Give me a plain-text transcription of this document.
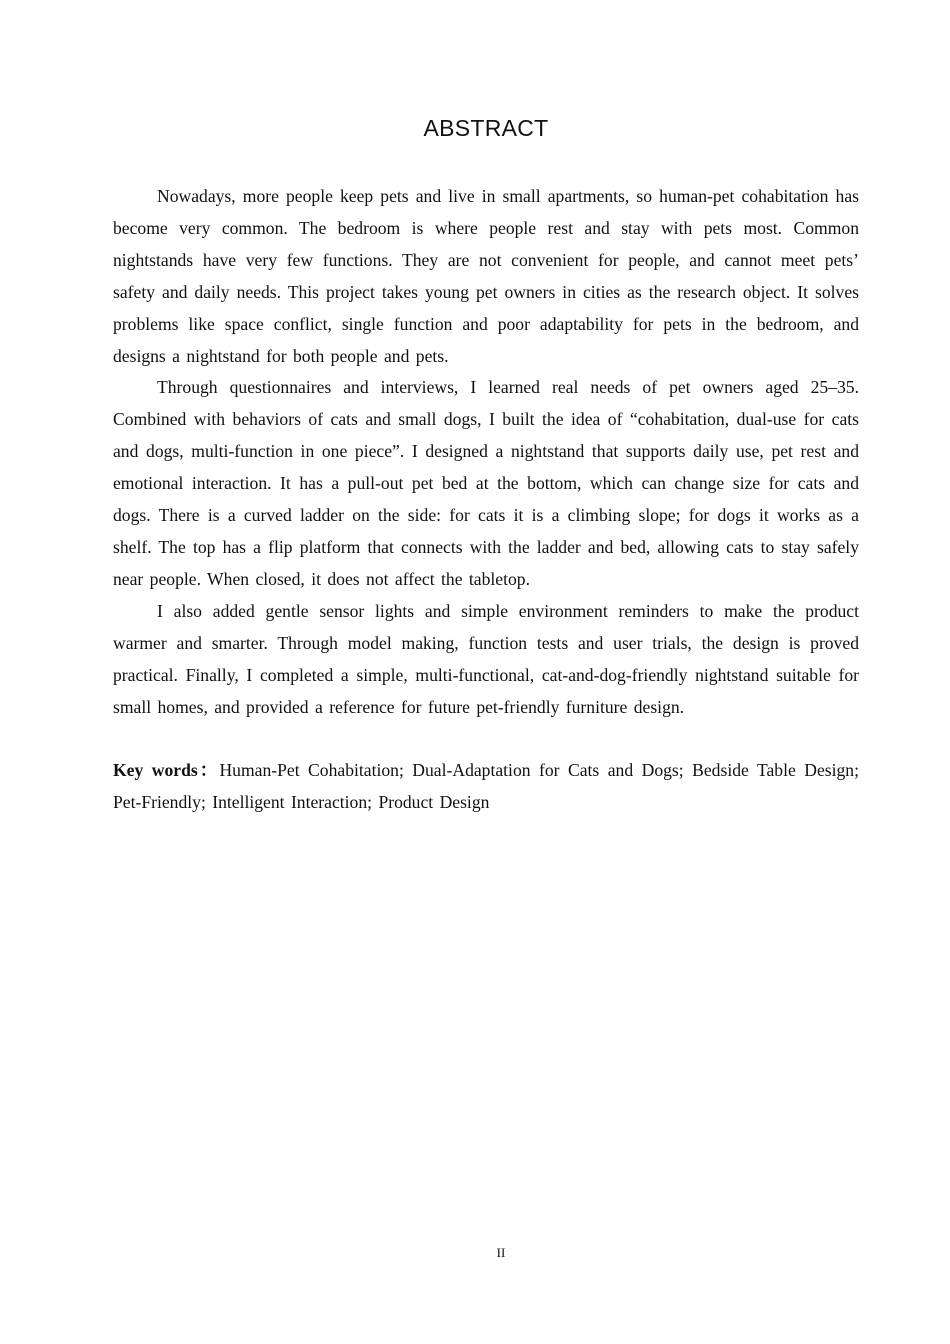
ABSTRACT

Nowadays, more people keep pets and live in small apartments, so human-pet cohabitation has become very common. The bedroom is where people rest and stay with pets most. Common nightstands have very few functions. They are not convenient for people, and cannot meet pets’ safety and daily needs. This project takes young pet owners in cities as the research object. It solves problems like space conflict, single function and poor adaptability for pets in the bedroom, and designs a nightstand for both people and pets.

Through questionnaires and interviews, I learned real needs of pet owners aged 25–35. Combined with behaviors of cats and small dogs, I built the idea of “cohabitation, dual-use for cats and dogs, multi-function in one piece”. I designed a nightstand that supports daily use, pet rest and emotional interaction. It has a pull-out pet bed at the bottom, which can change size for cats and dogs. There is a curved ladder on the side: for cats it is a climbing slope; for dogs it works as a shelf. The top has a flip platform that connects with the ladder and bed, allowing cats to stay safely near people. When closed, it does not affect the tabletop.

I also added gentle sensor lights and simple environment reminders to make the product warmer and smarter. Through model making, function tests and user trials, the design is proved practical. Finally, I completed a simple, multi-functional, cat-and-dog-friendly nightstand suitable for small homes, and provided a reference for future pet-friendly furniture design.

Key words：Human-Pet Cohabitation; Dual-Adaptation for Cats and Dogs; Bedside Table Design; Pet-Friendly; Intelligent Interaction; Product Design

II
